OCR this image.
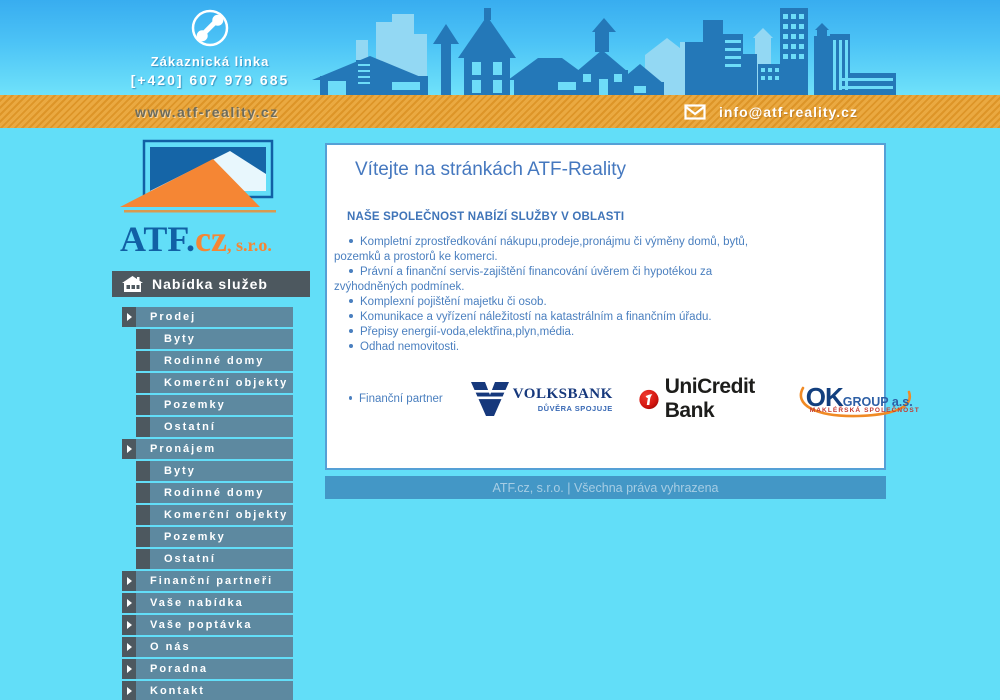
Zákaznická linka
[+420] 607 979 685
www.atf-reality.cz	info@atf-reality.cz
ATF.cz, s.r.o.
Nabídka služeb
Prodej
Byty
Rodinné domy
Komerční objekty
Pozemky
Ostatní
Pronájem
Byty
Rodinné domy
Komerční objekty
Pozemky
Ostatní
Finanční partneři
Vaše nabídka
Vaše poptávka
O nás
Poradna
Kontakt
Vítejte na stránkách ATF-Reality
NAŠE SPOLEČNOST NABÍZÍ SLUŽBY V OBLASTI
Kompletní zprostředkování nákupu,prodeje,pronájmu či výměny domů, bytů, pozemků a prostorů ke komerci.
Právní a finanční servis-zajištění financování úvěrem či hypotékou za zvýhodněných podmínek.
Komplexní pojištění majetku či osob.
Komunikace a vyřízení náležitostí na katastrálním a finančním úřadu.
Přepisy energií-voda,elektřina,plyn,média.
Odhad nemovitosti.
Finanční partner	VOLKSBANK
DŮVĚRA SPOJUJE
UniCredit Bank	OKGROUP a.s.
MAKLÉŘSKÁ SPOLEČNOST
ATF.cz, s.r.o. | Všechna práva vyhrazena
